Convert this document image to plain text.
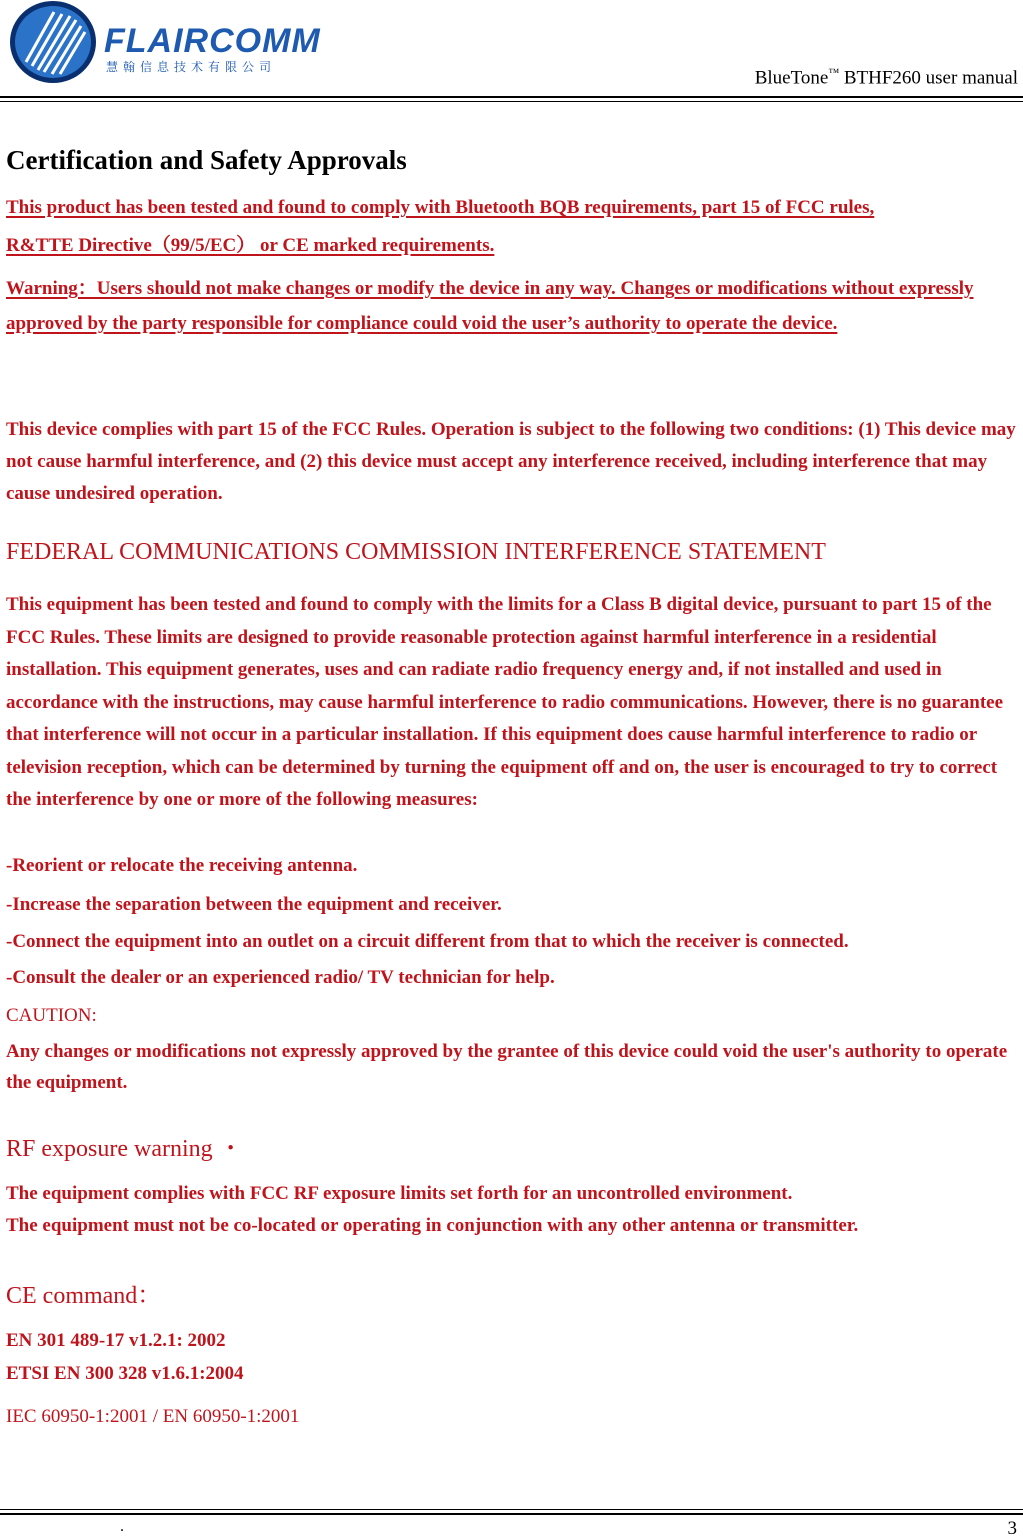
FLAIRCOMM
慧翰信息技术有限公司
BlueTone™ BTHF260 user manual
Certification and Safety Approvals
This product has been tested and found to comply with Bluetooth BQB requirements, part 15 of FCC rules,
R&TTE Directive（99/5/EC） or CE marked requirements.

Warning：Users should not make changes or modify the device in any way. Changes or modifications without expressly approved by the party responsible for compliance could void the user’s authority to operate the device.

This device complies with part 15 of the FCC Rules. Operation is subject to the following two conditions: (1) This device may not cause harmful interference, and (2) this device must accept any interference received, including interference that may cause undesired operation.

FEDERAL COMMUNICATIONS COMMISSION INTERFERENCE STATEMENT

This equipment has been tested and found to comply with the limits for a Class B digital device, pursuant to part 15 of the FCC Rules. These limits are designed to provide reasonable protection against harmful interference in a residential installation. This equipment generates, uses and can radiate radio frequency energy and, if not installed and used in accordance with the instructions, may cause harmful interference to radio communications. However, there is no guarantee that interference will not occur in a particular installation. If this equipment does cause harmful interference to radio or television reception, which can be determined by turning the equipment off and on, the user is encouraged to try to correct the interference by one or more of the following measures:

-Reorient or relocate the receiving antenna.
-Increase the separation between the equipment and receiver.
-Connect the equipment into an outlet on a circuit different from that to which the receiver is connected.
-Consult the dealer or an experienced radio/ TV technician for help.
CAUTION:

Any changes or modifications not expressly approved by the grantee of this device could void the user's authority to operate the equipment.

RF exposure warning ・
The equipment complies with FCC RF exposure limits set forth for an uncontrolled environment.
The equipment must not be co-located or operating in conjunction with any other antenna or transmitter.
CE command：
EN 301 489-17 v1.2.1: 2002
ETSI EN 300 328 v1.6.1:2004
IEC 60950-1:2001 / EN 60950-1:2001
.	3
